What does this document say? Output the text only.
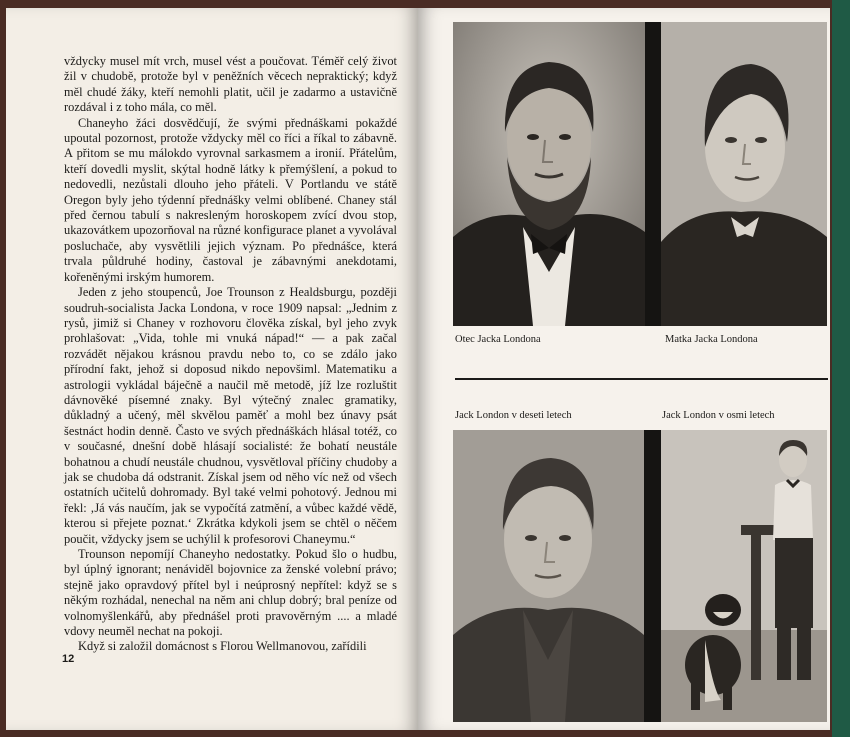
vždycky musel mít vrch, musel vést a poučovat. Téměř celý život žil v chudobě, protože byl v peněžních věcech nepraktický; když měl chudé žáky, kteří nemohli platit, učil je zadarmo a ustavičně rozdával i z toho mála, co měl.

Chaneyho žáci dosvědčují, že svými přednáškami pokaždé upoutal pozornost, protože vždycky měl co říci a říkal to zábavně. A přitom se mu málokdo vyrovnal sarkasmem a ironií. Přátelům, kteří dovedli myslit, skýtal hodně látky k přemýšlení, a pokud to nedovedli, nezůstali dlouho jeho přáteli. V Portlandu ve státě Oregon byly jeho týdenní přednášky velmi oblíbené. Chaney stál před černou tabulí s nakresleným horoskopem zvící dvou stop, ukazovátkem upozorňoval na různé konfigurace planet a vyvolával posluchače, aby vysvětlili jejich význam. Po přednášce, která trvala půldruhé hodiny, častoval je zábavnými anekdotami, kořeněnými irským humorem.

Jeden z jeho stoupenců, Joe Trounson z Healdsburgu, později soudruh-socialista Jacka Londona, v roce 1909 napsal: „Jednim z rysů, jimiž si Chaney v rozhovoru člověka získal, byl jeho zvyk prohlašovat: „Vida, tohle mi vnuká nápad!“ — a pak začal rozvádět nějakou krásnou pravdu nebo to, co se zdálo jako přírodní fakt, jehož si doposud nikdo nepovšiml. Matematiku a astrologii vykládal báječně a naučil mě metodě, jíž lze rozluštit dávnověké písemné znaky. Byl výtečný znalec gramatiky, důkladný a učený, měl skvělou paměť a mohl bez únavy psát šestnáct hodin denně. Často ve svých přednáškách hlásal totéž, co v současné, dnešní době hlásají socialisté: že bohatí neustále bohatnou a chudí neustále chudnou, vysvětloval příčiny chudoby a jak se chudoba dá odstranit. Získal jsem od něho víc než od všech ostatních učitelů dohromady. Byl také velmi pohotový. Jednou mi řekl: ‚Já vás naučím, jak se vypočítá zatmění, a vůbec každé vědě, kterou si přejete poznat.‘ Zkrátka kdykoli jsem se chtěl o něčem poučit, vždycky jsem se uchýlil k profesorovi Chaneymu.“

Trounson nepomíjí Chaneyho nedostatky. Pokud šlo o hudbu, byl úplný ignorant; nenáviděl bojovnice za ženské volební právo; stejně jako opravdový přítel byl i neúprosný nepřítel: když se s někým rozhádal, nenechal na něm ani chlup dobrý; bral peníze od volnomyšlenkářů, aby přednášel proti pravověrným .... a mladé vdovy neuměl nechat na pokoji.

Když si založil domácnost s Florou Wellmanovou, zařídili

12
Otec Jacka Londona	Matka Jacka Londona
Jack London v deseti letech	Jack London v osmi letech
